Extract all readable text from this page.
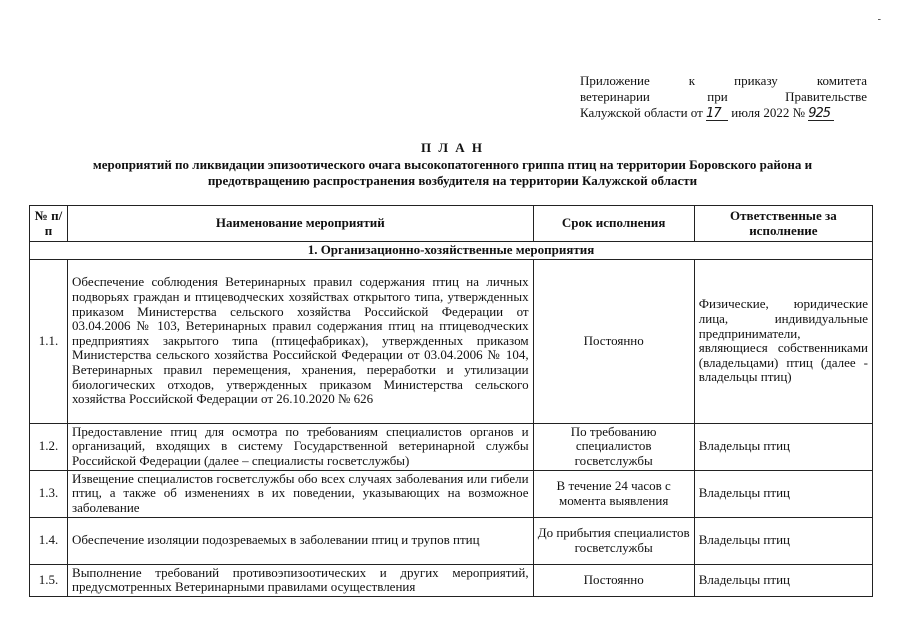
-
Приложение к приказу комитета
ветеринарии при Правительстве
Калужской области от 17 июля 2022 № 925
П Л А Н
мероприятий по ликвидации эпизоотического очага высокопатогенного гриппа птиц на территории Боровского района и предотвращению распространения возбудителя на территории Калужской области
№ п/п	Наименование мероприятий	Срок исполнения	Ответственные за исполнение
1. Организационно-хозяйственные мероприятия			
1.1.	Обеспечение соблюдения Ветеринарных правил содержания птиц на личных подворьях граждан и птицеводческих хозяйствах открытого типа, утвержденных приказом Министерства сельского хозяйства Российской Федерации от 03.04.2006 № 103, Ветеринарных правил содержания птиц на птицеводческих предприятиях закрытого типа (птицефабриках), утвержденных приказом Министерства сельского хозяйства Российской Федерации от 03.04.2006 № 104, Ветеринарных правил перемещения, хранения, переработки и утилизации биологических отходов, утвержденных приказом Министерства сельского хозяйства Российской Федерации от 26.10.2020 № 626	Постоянно	Физические, юридические лица, индивидуальные предприниматели, являющиеся собственниками (владельцами) птиц (далее - владельцы птиц)
1.2.	Предоставление птиц для осмотра по требованиям специалистов органов и организаций, входящих в систему Государственной ветеринарной службы Российской Федерации (далее – специалисты госветслужбы)	По требованию специалистов госветслужбы	Владельцы птиц
1.3.	Извещение специалистов госветслужбы обо всех случаях заболевания или гибели птиц, а также об изменениях в их поведении, указывающих на возможное заболевание	В течение 24 часов с момента выявления	Владельцы птиц
1.4.	Обеспечение изоляции подозреваемых в заболевании птиц и трупов птиц	До прибытия специалистов госветслужбы	Владельцы птиц
1.5.	Выполнение требований противоэпизоотических и других мероприятий, предусмотренных Ветеринарными правилами осуществления	Постоянно	Владельцы птиц
